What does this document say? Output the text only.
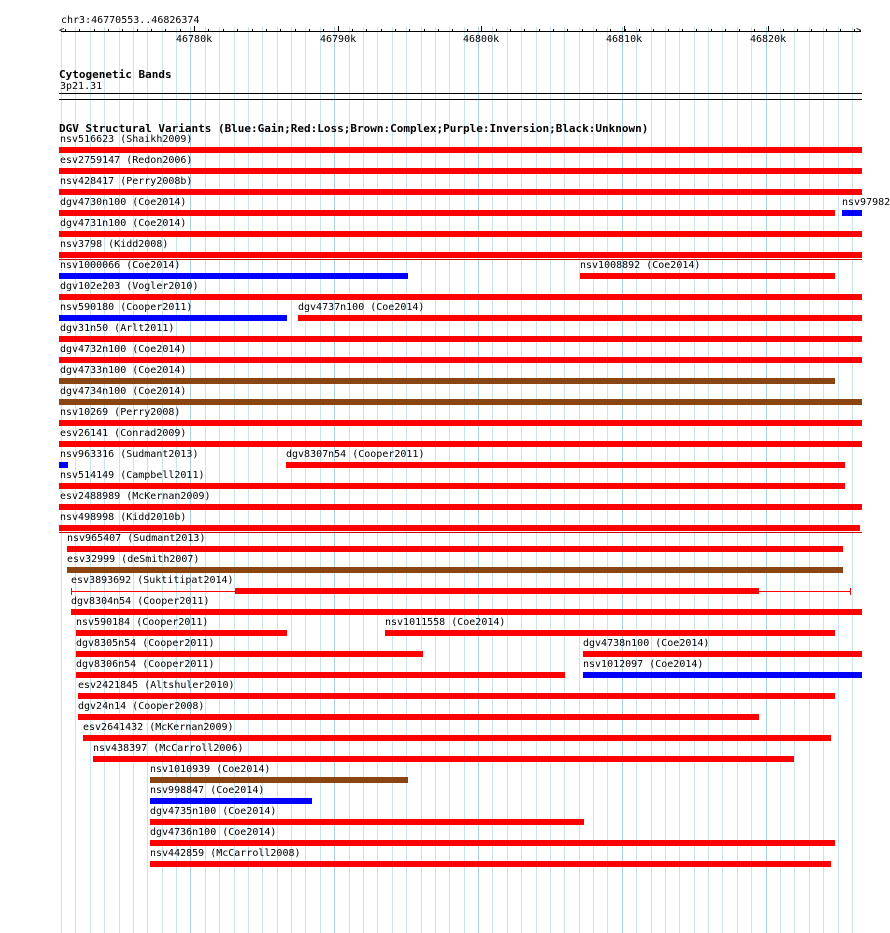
chr3:46770553..46826374
<	>
46780k	46790k	46800k	46810k	46820k
Cytogenetic Bands
3p21.31
DGV Structural Variants (Blue:Gain;Red:Loss;Brown:Complex;Purple:Inversion;Black:Unknown)
nsv516623 (Shaikh2009)
esv2759147 (Redon2006)
nsv428417 (Perry2008b)
dgv4730n100 (Coe2014)	nsv97982
dgv4731n100 (Coe2014)
nsv3798 (Kidd2008)
nsv1000066 (Coe2014)	nsv1008892 (Coe2014)
dgv102e203 (Vogler2010)
nsv590180 (Cooper2011)	dgv4737n100 (Coe2014)
dgv31n50 (Arlt2011)
dgv4732n100 (Coe2014)
dgv4733n100 (Coe2014)
dgv4734n100 (Coe2014)
nsv10269 (Perry2008)
esv26141 (Conrad2009)
nsv963316 (Sudmant2013)	dgv8307n54 (Cooper2011)
nsv514149 (Campbell2011)
esv2488989 (McKernan2009)
nsv498998 (Kidd2010b)
nsv965407 (Sudmant2013)
esv32999 (deSmith2007)
esv3893692 (Suktitipat2014)
dgv8304n54 (Cooper2011)
nsv590184 (Cooper2011)	nsv1011558 (Coe2014)
dgv8305n54 (Cooper2011)	dgv4738n100 (Coe2014)
dgv8306n54 (Cooper2011)	nsv1012097 (Coe2014)
esv2421845 (Altshuler2010)
dgv24n14 (Cooper2008)
esv2641432 (McKernan2009)
nsv438397 (McCarroll2006)
nsv1010939 (Coe2014)
nsv998847 (Coe2014)
dgv4735n100 (Coe2014)
dgv4736n100 (Coe2014)
nsv442859 (McCarroll2008)
